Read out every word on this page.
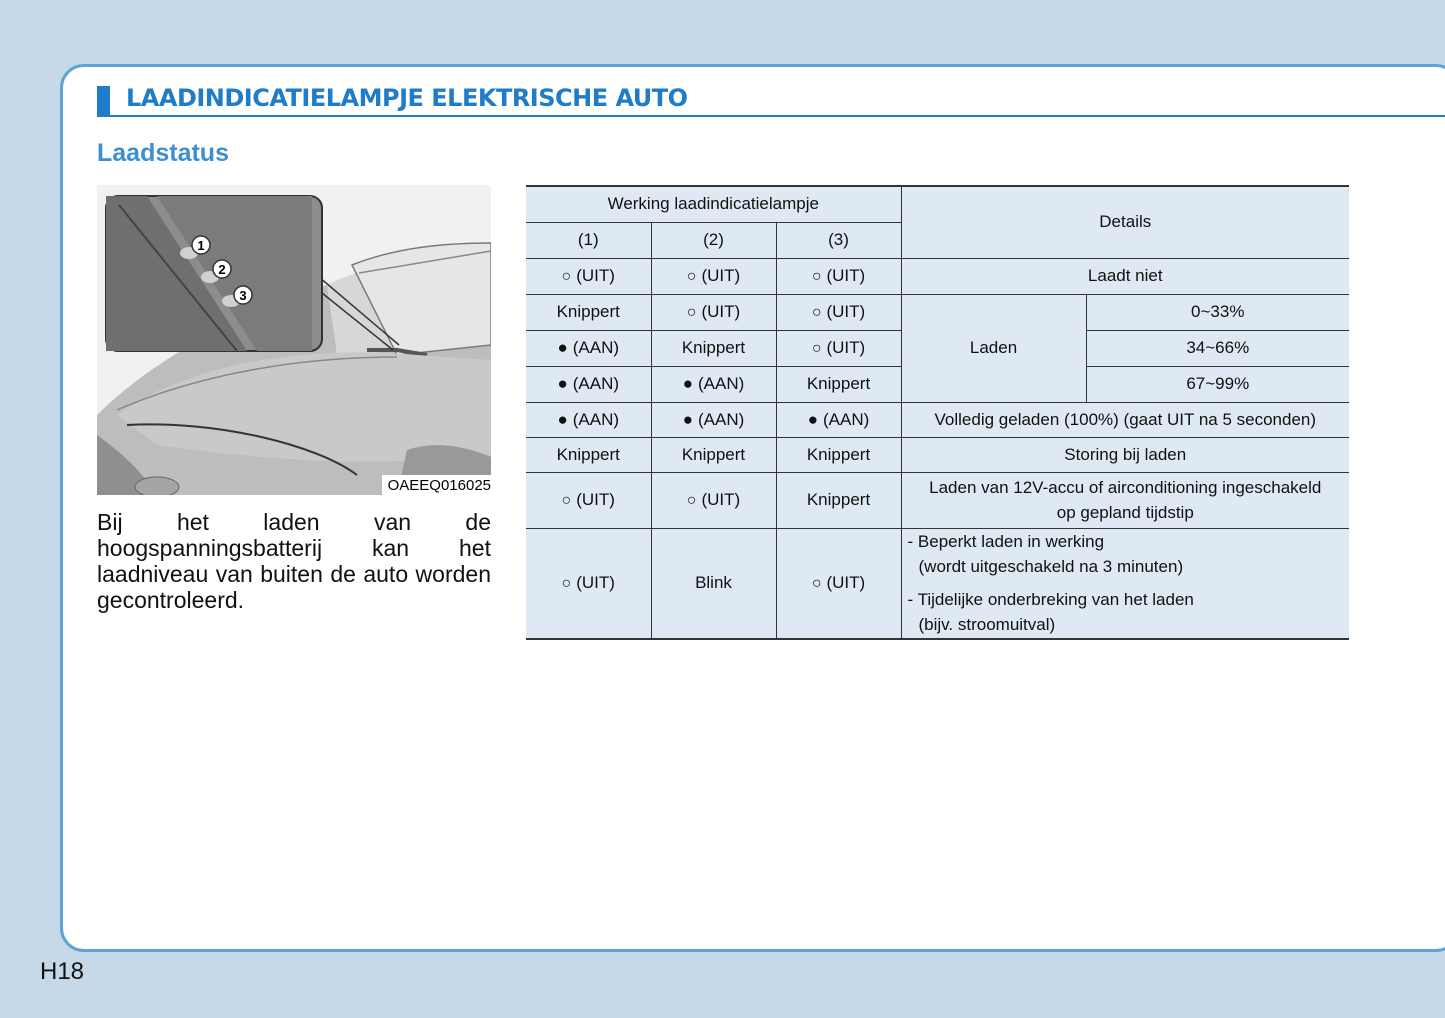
LAADINDICATIELAMPJE ELEKTRISCHE AUTO
Laadstatus
1
2
3
OAEEQ016025
Bij het laden van de hoogspanningsbatterij kan het laadniveau van buiten de auto worden gecontroleerd.
Werking laadindicatielampje			Details	
(1)	(2)	(3)		
○ (UIT)	○ (UIT)	○ (UIT)	Laadt niet	
Knippert	○ (UIT)	○ (UIT)	Laden	0~33%
● (AAN)	Knippert	○ (UIT)		34~66%
● (AAN)	● (AAN)	Knippert		67~99%
● (AAN)	● (AAN)	● (AAN)	Volledig geladen (100%) (gaat UIT na 5 seconden)	
Knippert	Knippert	Knippert	Storing bij laden	
○ (UIT)	○ (UIT)	Knippert	Laden van 12V-accu of airconditioning ingeschakeld
op gepland tijdstip	

○ (UIT)	Blink	○ (UIT)	- Beperkt laden in werking
(wordt uitgeschakeld na 3 minuten)
- Tijdelijke onderbreking van het laden
(bijv. stroomuitval)	
H18
